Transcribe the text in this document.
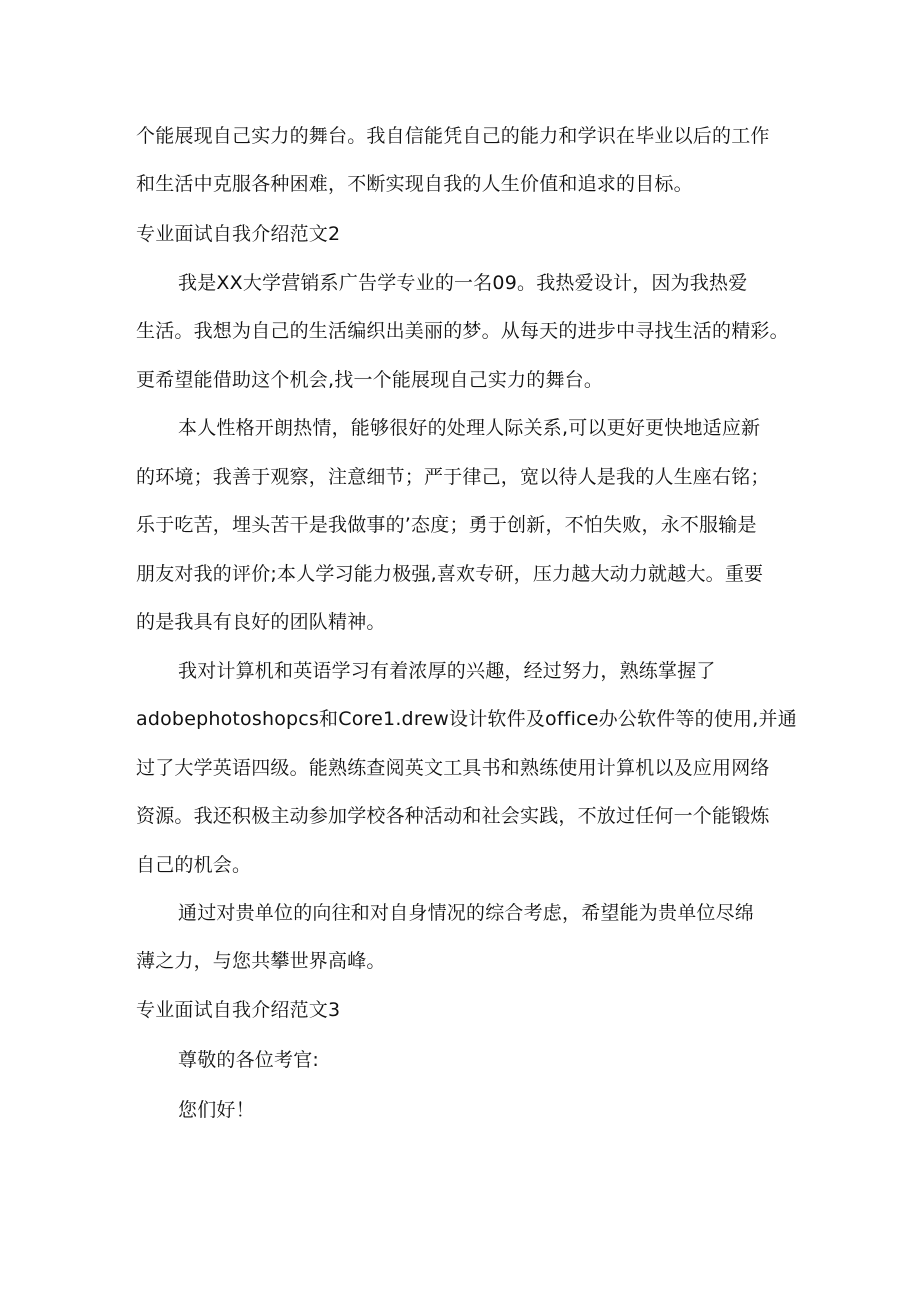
个能展现自己实力的舞台。我自信能凭自己的能力和学识在毕业以后的工作
和生活中克服各种困难，不断实现自我的人生价值和追求的目标。
专业面试自我介绍范文2
我是XX大学营销系广告学专业的一名09。我热爱设计，因为我热爱
生活。我想为自己的生活编织出美丽的梦。从每天的进步中寻找生活的精彩。
更希望能借助这个机会,找一个能展现自己实力的舞台。
本人性格开朗热情，能够很好的处理人际关系,可以更好更快地适应新
的环境；我善于观察，注意细节；严于律己，宽以待人是我的人生座右铭；
乐于吃苦，埋头苦干是我做事的’态度；勇于创新，不怕失败，永不服输是
朋友对我的评价;本人学习能力极强,喜欢专研，压力越大动力就越大。重要
的是我具有良好的团队精神。
我对计算机和英语学习有着浓厚的兴趣，经过努力，熟练掌握了
adobephotoshopcs和Core1.drew设计软件及office办公软件等的使用,并通
过了大学英语四级。能熟练查阅英文工具书和熟练使用计算机以及应用网络
资源。我还积极主动参加学校各种活动和社会实践，不放过任何一个能锻炼
自己的机会。
通过对贵单位的向往和对自身情况的综合考虑，希望能为贵单位尽绵
薄之力，与您共攀世界高峰。
专业面试自我介绍范文3
尊敬的各位考官:
您们好！
